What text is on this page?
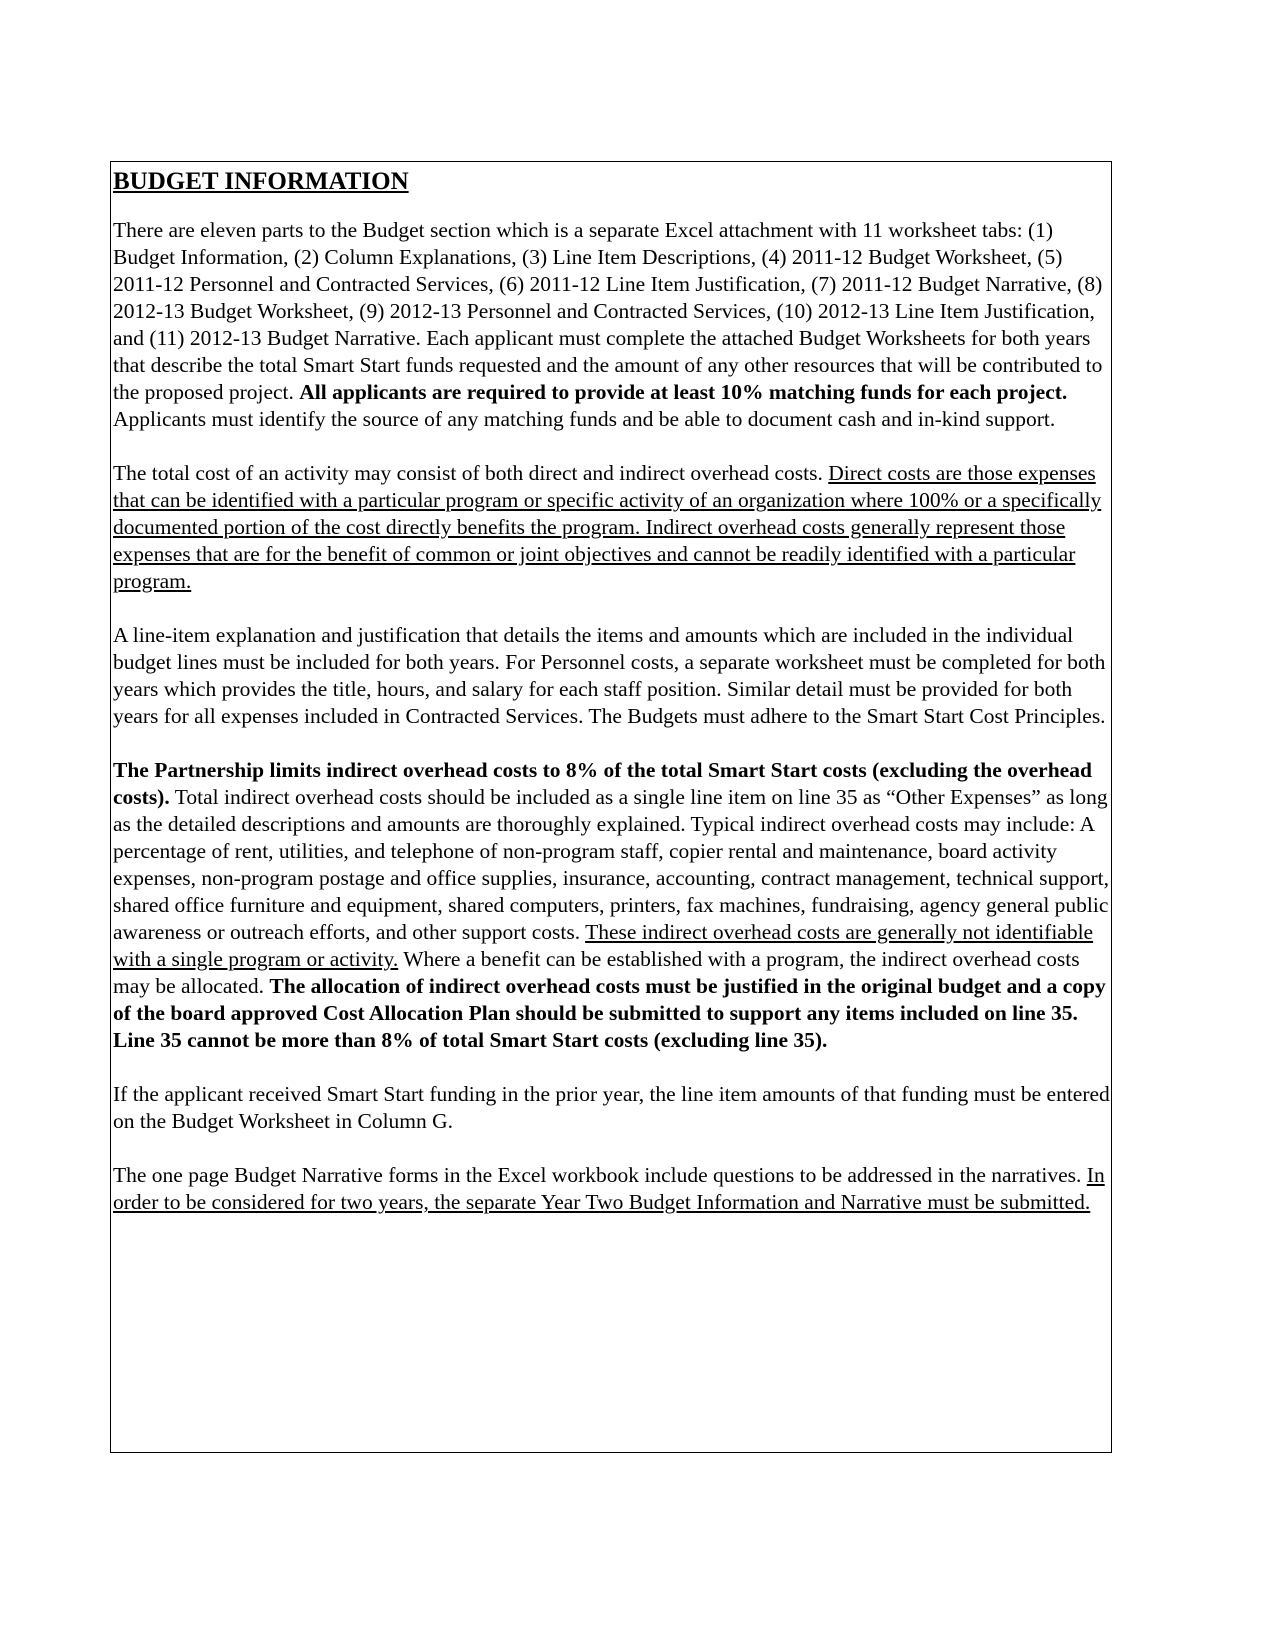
BUDGET INFORMATION

There are eleven parts to the Budget section which is a separate Excel attachment with 11 worksheet tabs: (1) Budget Information, (2) Column Explanations, (3) Line Item Descriptions, (4) 2011-12 Budget Worksheet, (5) 2011-12 Personnel and Contracted Services, (6) 2011-12 Line Item Justification, (7) 2011-12 Budget Narrative, (8) 2012-13 Budget Worksheet, (9) 2012-13 Personnel and Contracted Services, (10) 2012-13 Line Item Justification, and (11) 2012-13 Budget Narrative. Each applicant must complete the attached Budget Worksheets for both years that describe the total Smart Start funds requested and the amount of any other resources that will be contributed to the proposed project. All applicants are required to provide at least 10% matching funds for each project. Applicants must identify the source of any matching funds and be able to document cash and in-kind support.

The total cost of an activity may consist of both direct and indirect overhead costs. Direct costs are those expenses that can be identified with a particular program or specific activity of an organization where 100% or a specifically documented portion of the cost directly benefits the program. Indirect overhead costs generally represent those expenses that are for the benefit of common or joint objectives and cannot be readily identified with a particular program.

A line-item explanation and justification that details the items and amounts which are included in the individual budget lines must be included for both years. For Personnel costs, a separate worksheet must be completed for both years which provides the title, hours, and salary for each staff position. Similar detail must be provided for both years for all expenses included in Contracted Services. The Budgets must adhere to the Smart Start Cost Principles.

The Partnership limits indirect overhead costs to 8% of the total Smart Start costs (excluding the overhead costs). Total indirect overhead costs should be included as a single line item on line 35 as “Other Expenses” as long as the detailed descriptions and amounts are thoroughly explained. Typical indirect overhead costs may include: A percentage of rent, utilities, and telephone of non-program staff, copier rental and maintenance, board activity expenses, non-program postage and office supplies, insurance, accounting, contract management, technical support, shared office furniture and equipment, shared computers, printers, fax machines, fundraising, agency general public awareness or outreach efforts, and other support costs. These indirect overhead costs are generally not identifiable with a single program or activity. Where a benefit can be established with a program, the indirect overhead costs may be allocated. The allocation of indirect overhead costs must be justified in the original budget and a copy of the board approved Cost Allocation Plan should be submitted to support any items included on line 35. Line 35 cannot be more than 8% of total Smart Start costs (excluding line 35).

If the applicant received Smart Start funding in the prior year, the line item amounts of that funding must be entered on the Budget Worksheet in Column G.

The one page Budget Narrative forms in the Excel workbook include questions to be addressed in the narratives. In order to be considered for two years, the separate Year Two Budget Information and Narrative must be submitted.
